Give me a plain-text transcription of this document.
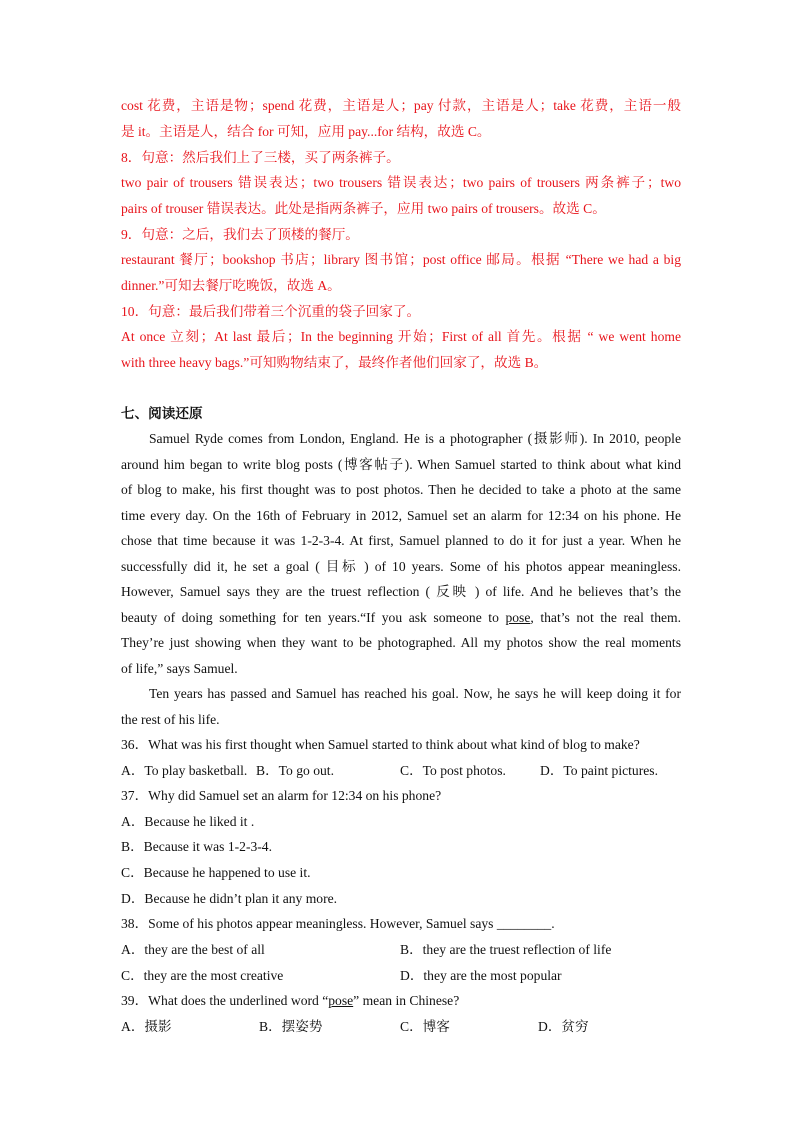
cost 花费，主语是物；spend 花费，主语是人；pay 付款，主语是人；take 花费，主语一般
是 it。主语是人，结合 for 可知，应用 pay...for 结构，故选 C。
8．句意：然后我们上了三楼，买了两条裤子。
two pair of trousers 错误表达；two trousers 错误表达；two pairs of trousers 两条裤子；two
pairs of trouser 错误表达。此处是指两条裤子，应用 two pairs of trousers。故选 C。
9．句意：之后，我们去了顶楼的餐厅。
restaurant 餐厅；bookshop 书店；library 图书馆；post office 邮局。根据 “There we had a big
dinner.”可知去餐厅吃晚饭，故选 A。
10．句意：最后我们带着三个沉重的袋子回家了。
At once 立刻；At last 最后；In the beginning 开始；First of all 首先。根据 “ we went home
with three heavy bags.”可知购物结束了，最终作者他们回家了，故选 B。
七、阅读还原
Samuel Ryde comes from London, England. He is a photographer (摄影师). In 2010, people
around him began to write blog posts (博客帖子). When Samuel started to think about what kind
of blog to make, his first thought was to post photos. Then he decided to take a photo at the same
time every day. On the 16th of February in 2012, Samuel set an alarm for 12:34 on his phone. He
chose that time because it was 1-2-3-4. At first, Samuel planned to do it for just a year. When he
successfully did it, he set a goal ( 目标 ) of 10 years. Some of his photos appear meaningless.
However, Samuel says they are the truest reflection ( 反映 ) of life. And he believes that’s the
beauty of doing something for ten years.“If you ask someone to pose, that’s not the real them.
They’re just showing when they want to be photographed. All my photos show the real moments
of life,” says Samuel.
Ten years has passed and Samuel has reached his goal. Now, he says he will keep doing it for
the rest of his life.
36．What was his first thought when Samuel started to think about what kind of blog to make?
A．To play basketball. B．To go out.	C．To post photos.	D．To paint pictures.
37．Why did Samuel set an alarm for 12:34 on his phone?
A．Because he liked it .
B．Because it was 1-2-3-4.
C．Because he happened to use it.
D．Because he didn’t plan it any more.
38．Some of his photos appear meaningless. However, Samuel says ________.
A．they are the best of all	B．they are the truest reflection of life
C．they are the most creative	D．they are the most popular
39．What does the underlined word “pose” mean in Chinese?
A．摄影	B．摆姿势	C．博客	D．贫穷
